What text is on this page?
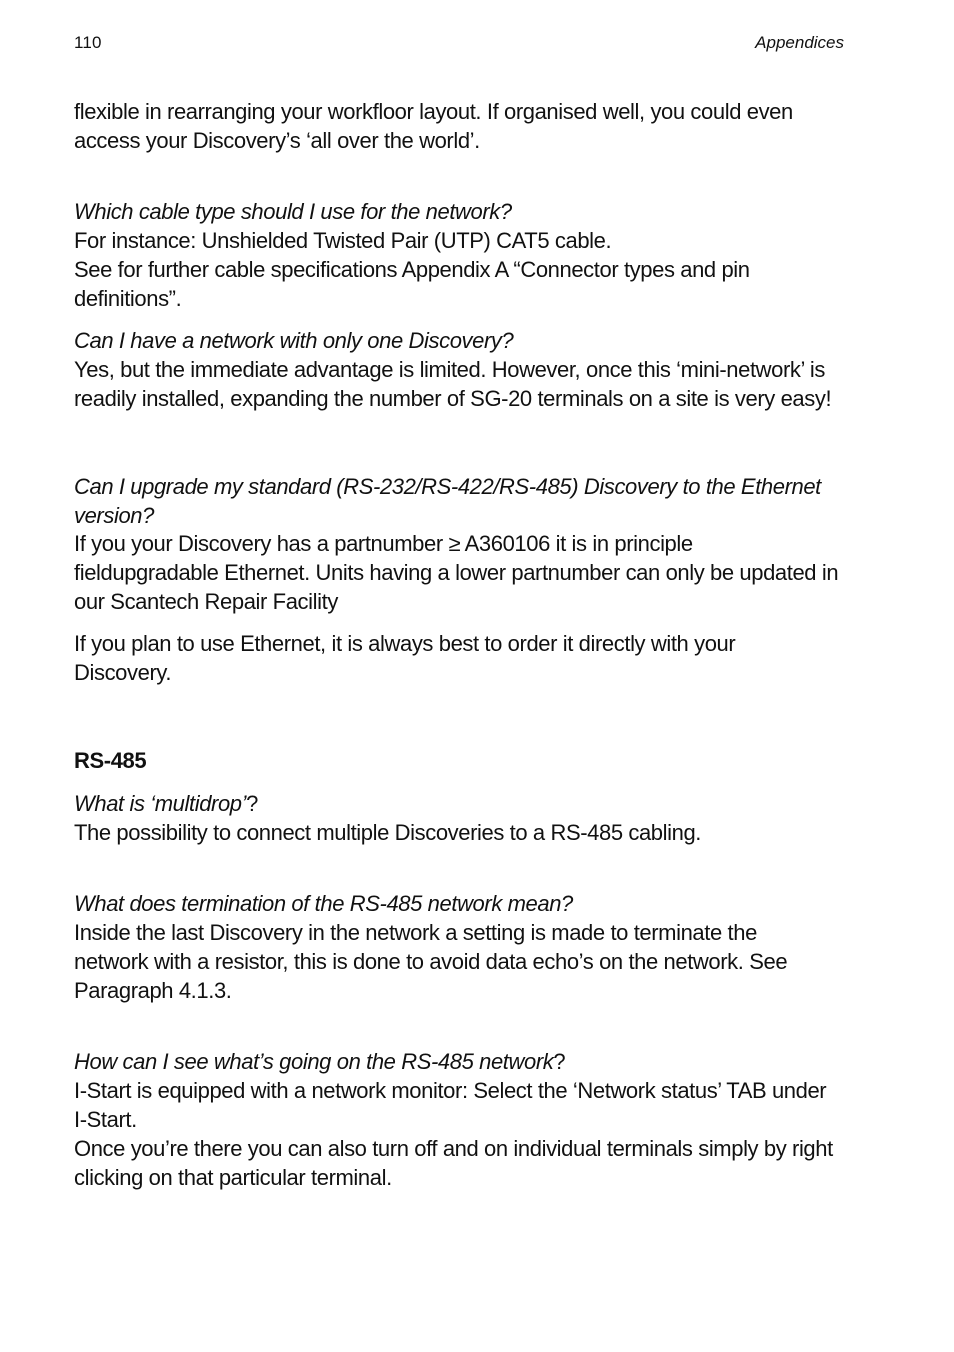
110	Appendices
flexible in rearranging your workfloor layout. If organised well, you could even
access your Discovery’s ‘all over the world’.
Which cable type should I use for the network?
For instance: Unshielded Twisted Pair (UTP) CAT5 cable.
See for further cable specifications Appendix A “Connector types and pin
definitions”.
Can I have a network with only one Discovery?
Yes, but the immediate advantage is limited. However, once this ‘mini-network’ is
readily installed, expanding the number of SG-20 terminals on a site is very easy!
Can I upgrade my standard (RS-232/RS-422/RS-485) Discovery to the Ethernet
version?
If you your Discovery has a partnumber ≥ A360106 it is in principle
fieldupgradable Ethernet. Units having a lower partnumber can only be updated in
our Scantech Repair Facility
If you plan to use Ethernet, it is always best to order it directly with your
Discovery.
RS-485
What is ‘multidrop’?
The possibility to connect multiple Discoveries to a RS-485 cabling.
What does termination of the RS-485 network mean?
Inside the last Discovery in the network a setting is made to terminate the
network with a resistor, this is done to avoid data echo’s on the network. See
Paragraph 4.1.3.
How can I see what’s going on the RS-485 network?
I-Start is equipped with a network monitor: Select the ‘Network status’ TAB under
I-Start.
Once you’re there you can also turn off and on individual terminals simply by right
clicking on that particular terminal.
